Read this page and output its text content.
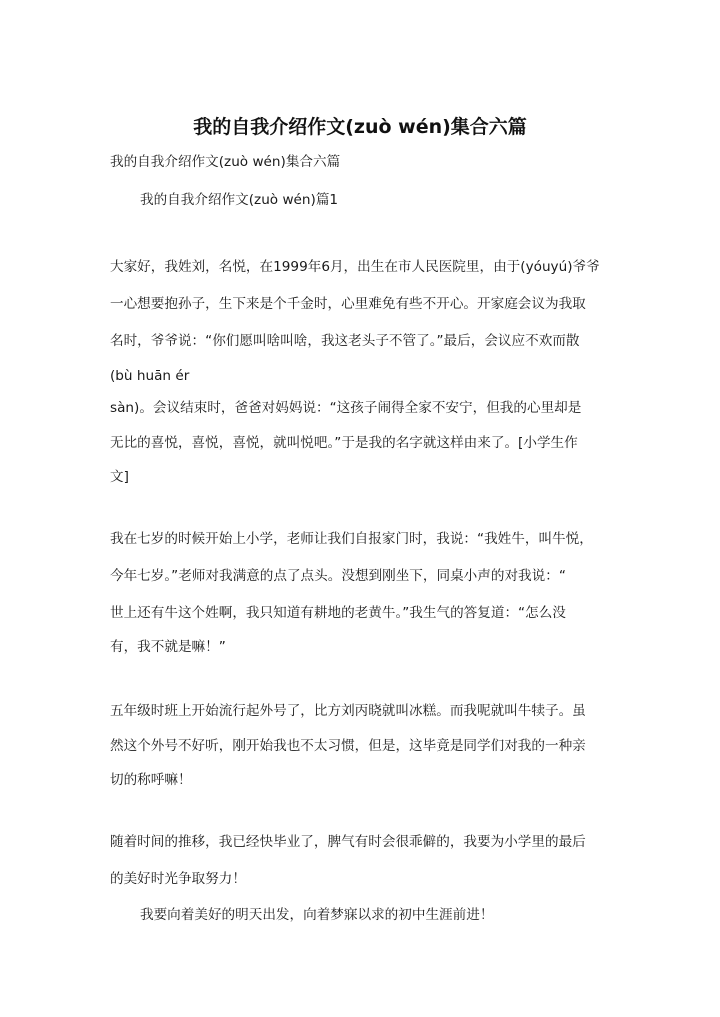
我的自我介绍作文(zuò wén)集合六篇

我的自我介绍作文(zuò wén)集合六篇

我的自我介绍作文(zuò wén)篇1

大家好，我姓刘，名悦，在1999年6月，出生在市人民医院里，由于(yóuyú)爷爷

一心想要抱孙子，生下来是个千金时，心里难免有些不开心。开家庭会议为我取

名时，爷爷说：“你们愿叫啥叫啥，我这老头子不管了。”最后，会议应不欢而散

(bù huān ér

sàn)。会议结束时，爸爸对妈妈说：“这孩子闹得全家不安宁，但我的心里却是

无比的喜悦，喜悦，喜悦，就叫悦吧。”于是我的名字就这样由来了。[小学生作

文]

我在七岁的时候开始上小学，老师让我们自报家门时，我说：“我姓牛，叫牛悦，

今年七岁。”老师对我满意的点了点头。没想到刚坐下，同桌小声的对我说：“

世上还有牛这个姓啊，我只知道有耕地的老黄牛。”我生气的答复道：“怎么没

有，我不就是嘛！”

五年级时班上开始流行起外号了，比方刘丙晓就叫冰糕。而我呢就叫牛犊子。虽

然这个外号不好听，刚开始我也不太习惯，但是，这毕竟是同学们对我的一种亲

切的称呼嘛！

随着时间的推移，我已经快毕业了，脾气有时会很乖僻的，我要为小学里的最后

的美好时光争取努力！

我要向着美好的明天出发，向着梦寐以求的初中生涯前进！
